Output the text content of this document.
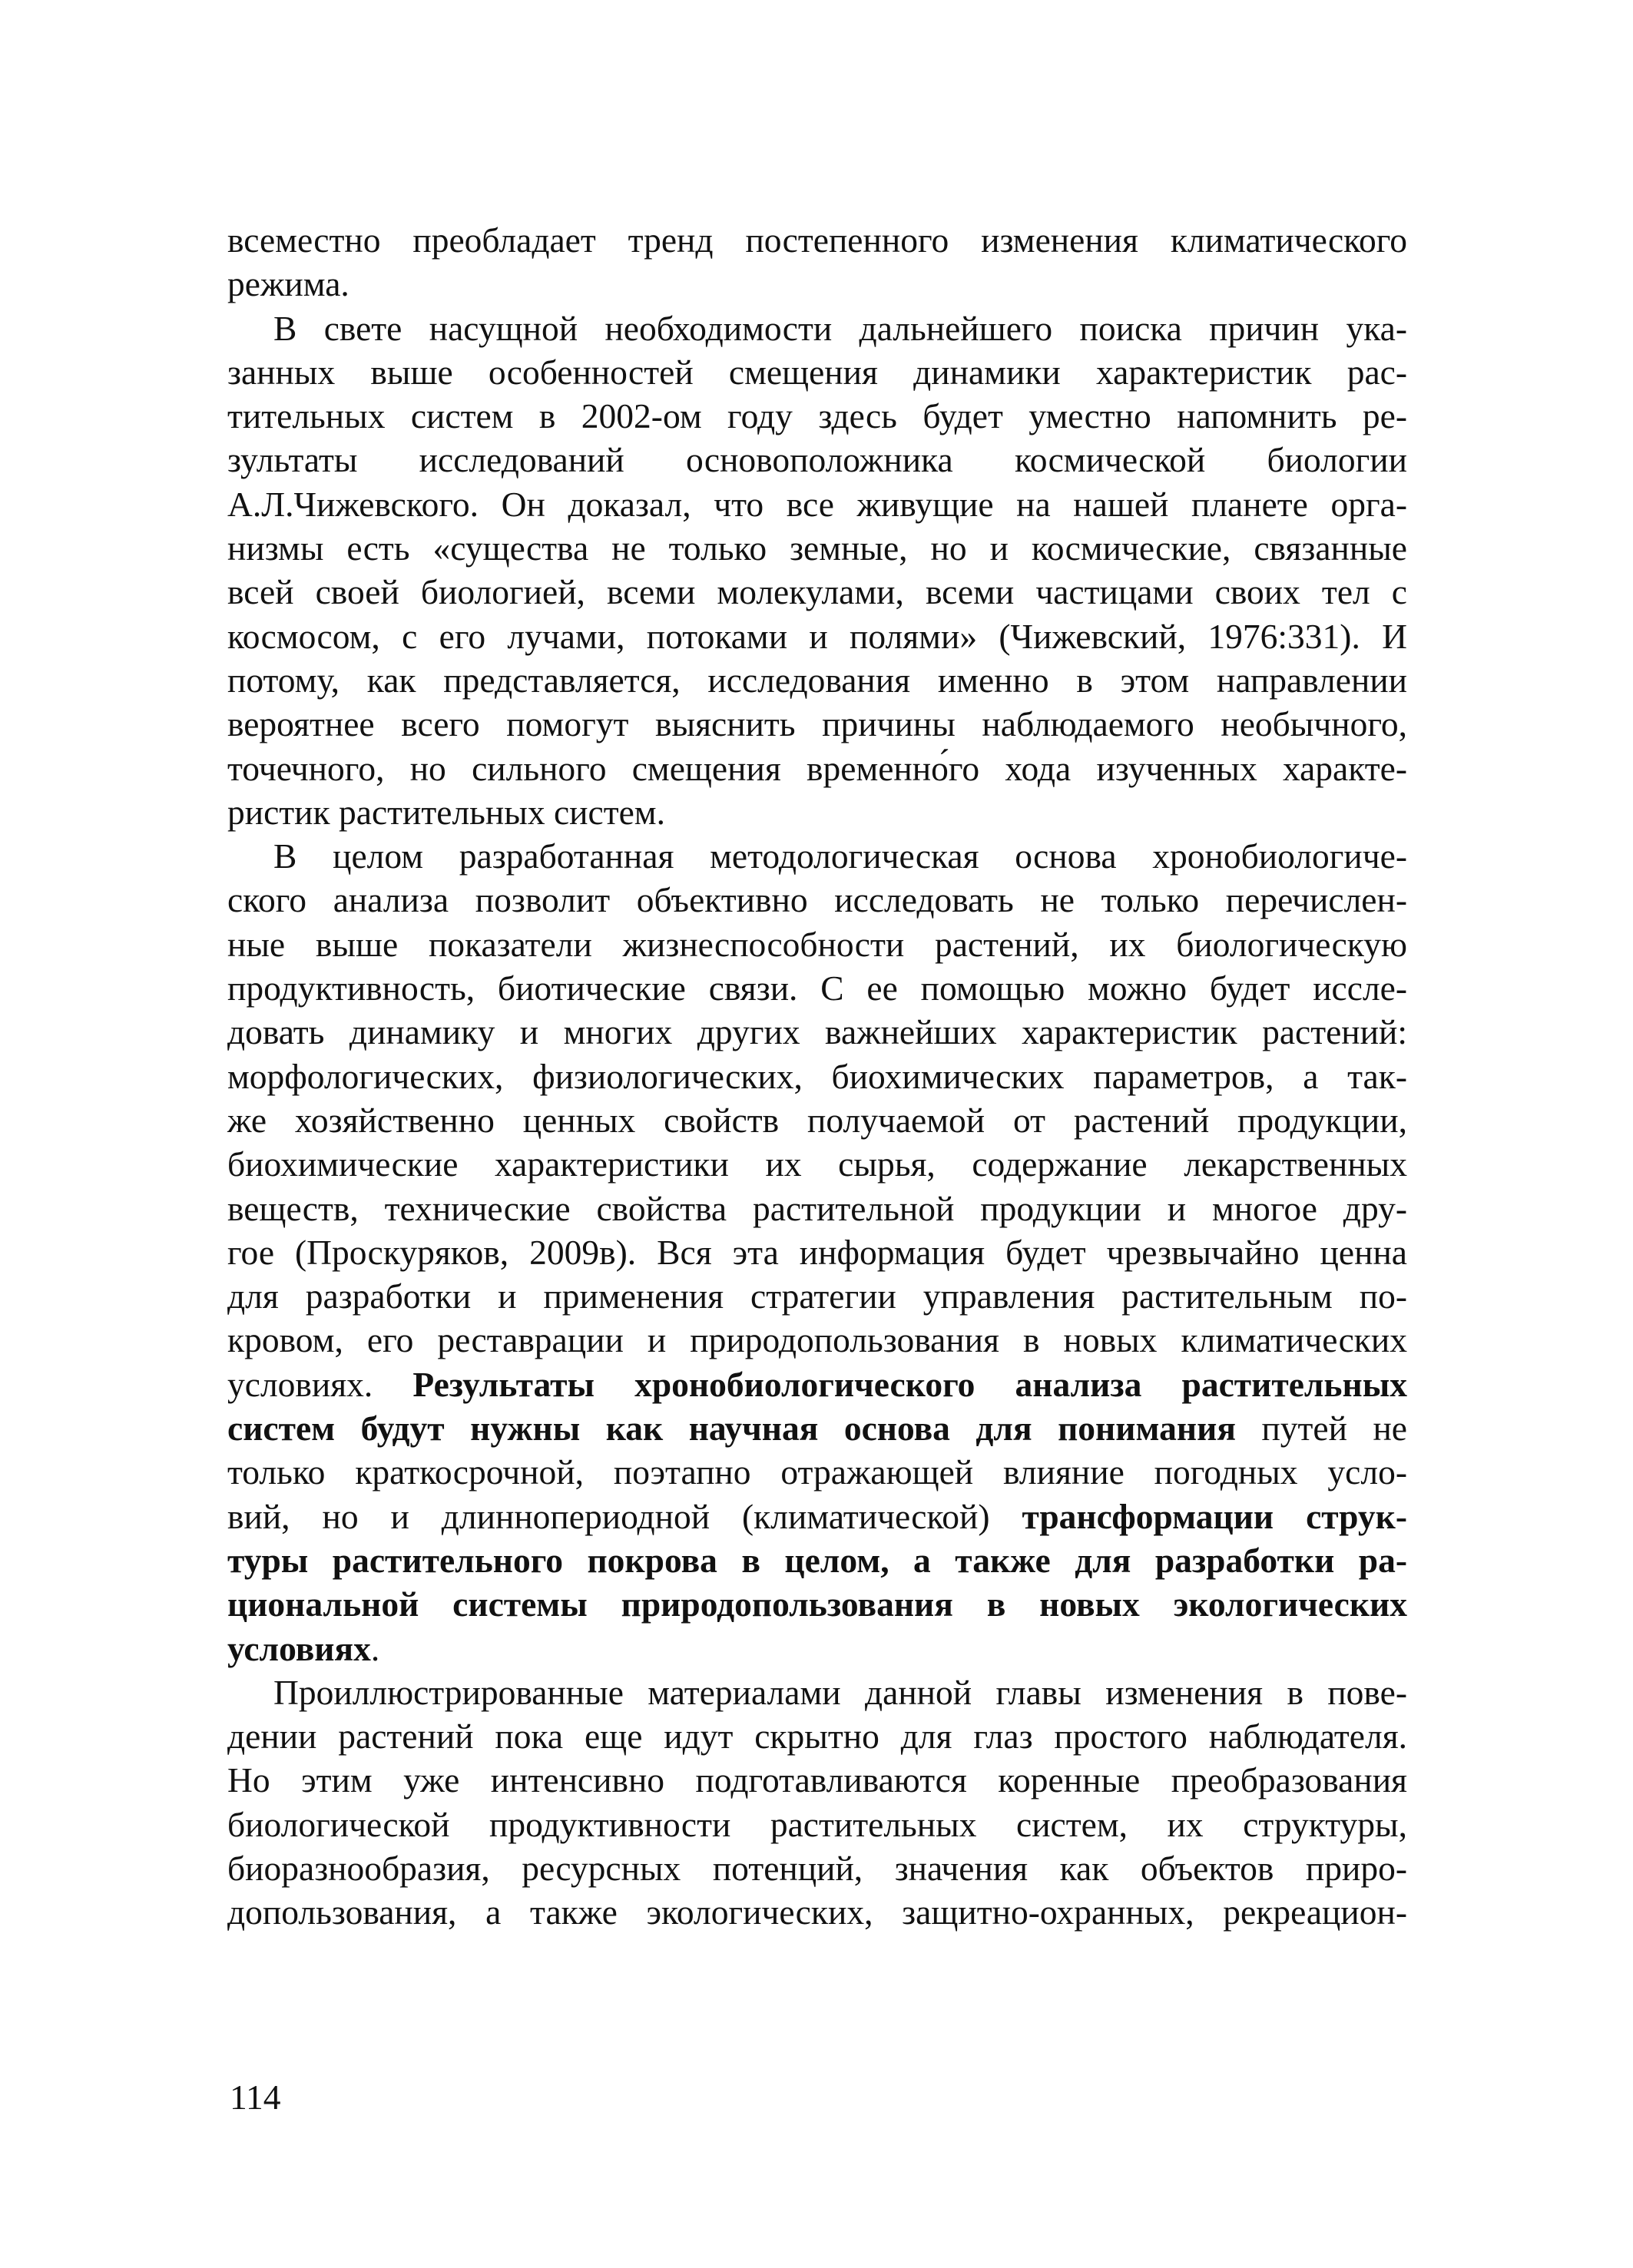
всеместно преобладает тренд постепенного изменения климатического
режима.
В свете насущной необходимости дальнейшего поиска причин ука-
занных выше особенностей смещения динамики характеристик рас-
тительных систем в 2002-ом году здесь будет уместно напомнить ре-
зультаты исследований основоположника космической биологии
А.Л.Чижевского. Он доказал, что все живущие на нашей планете орга-
низмы есть «существа не только земные, но и космические, связанные
всей своей биологией, всеми молекулами, всеми частицами своих тел с
космосом, с его лучами, потоками и полями» (Чижевский, 1976:331). И
потому, как представляется, исследования именно в этом направлении
вероятнее всего помогут выяснить причины наблюдаемого необычного,
точечного, но сильного смещения временно́го хода изученных характе-
ристик растительных систем.
В целом разработанная методологическая основа хронобиологиче-
ского анализа позволит объективно исследовать не только перечислен-
ные выше показатели жизнеспособности растений, их биологическую
продуктивность, биотические связи. С ее помощью можно будет иссле-
довать динамику и многих других важнейших характеристик растений:
морфологических, физиологических, биохимических параметров, а так-
же хозяйственно ценных свойств получаемой от растений продукции,
биохимические характеристики их сырья, содержание лекарственных
веществ, технические свойства растительной продукции и многое дру-
гое (Проскуряков, 2009в). Вся эта информация будет чрезвычайно ценна
для разработки и применения стратегии управления растительным по-
кровом, его реставрации и природопользования в новых климатических
условиях. Результаты хронобиологического анализа растительных
систем будут нужны как научная основа для понимания путей не
только краткосрочной, поэтапно отражающей влияние погодных усло-
вий, но и длиннопериодной (климатической) трансформации струк-
туры растительного покрова в целом, а также для разработки ра-
циональной системы природопользования в новых экологических
условиях.
Проиллюстрированные материалами данной главы изменения в пове-
дении растений пока еще идут скрытно для глаз простого наблюдателя.
Но этим уже интенсивно подготавливаются коренные преобразования
биологической продуктивности растительных систем, их структуры,
биоразнообразия, ресурсных потенций, значения как объектов приро-
допользования, а также экологических, защитно-охранных, рекреацион-
114
